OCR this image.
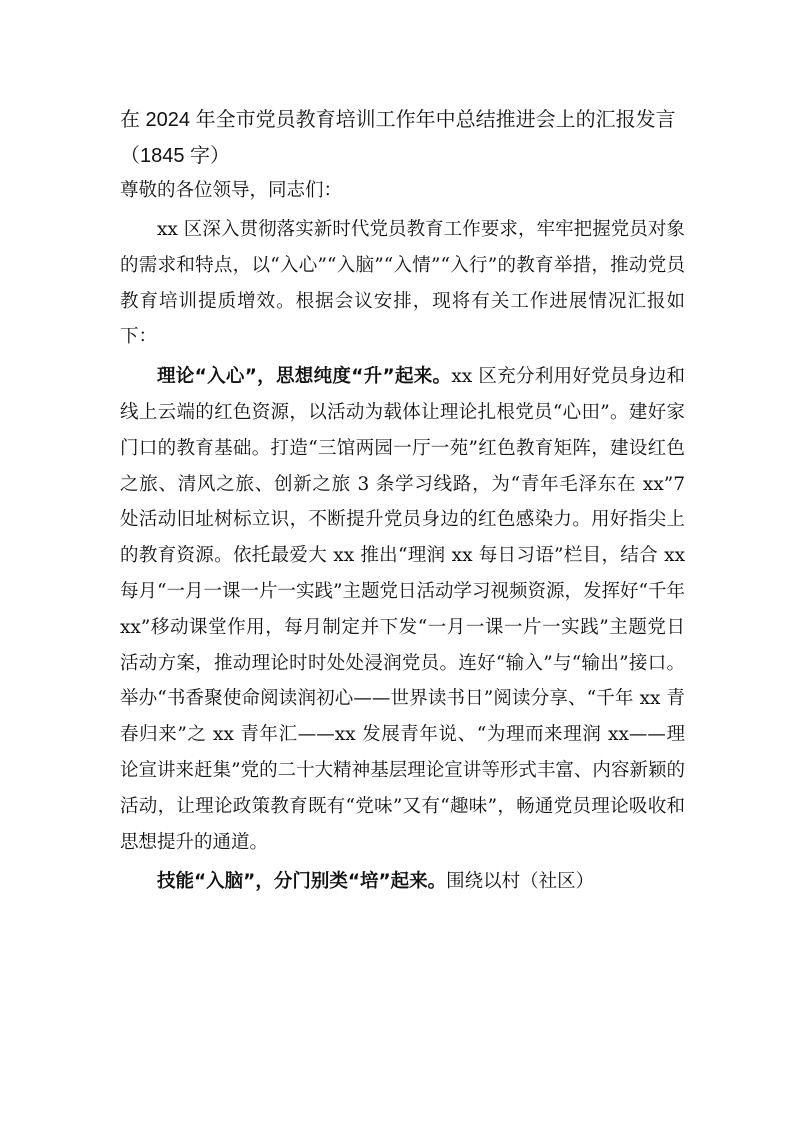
在 2024 年全市党员教育培训工作年中总结推进会上的汇报发言（1845 字）

尊敬的各位领导，同志们：

xx 区深入贯彻落实新时代党员教育工作要求，牢牢把握党员对象的需求和特点，以“入心”“入脑”“入情”“入行”的教育举措，推动党员教育培训提质增效。根据会议安排，现将有关工作进展情况汇报如下：

理论“入心”，思想纯度“升”起来。xx 区充分利用好党员身边和线上云端的红色资源，以活动为载体让理论扎根党员“心田”。建好家门口的教育基础。打造“三馆两园一厅一苑”红色教育矩阵，建设红色之旅、清风之旅、创新之旅 3 条学习线路，为“青年毛泽东在 xx”7 处活动旧址树标立识，不断提升党员身边的红色感染力。用好指尖上的教育资源。依托最爱大 xx 推出“理润 xx 每日习语”栏目，结合 xx 每月“一月一课一片一实践”主题党日活动学习视频资源，发挥好“千年 xx”移动课堂作用，每月制定并下发“一月一课一片一实践”主题党日活动方案，推动理论时时处处浸润党员。连好“输入”与“输出”接口。举办“书香聚使命阅读润初心——世界读书日”阅读分享、“千年 xx 青春归来”之 xx 青年汇——xx 发展青年说、“为理而来理润 xx——理论宣讲来赶集”党的二十大精神基层理论宣讲等形式丰富、内容新颖的活动，让理论政策教育既有“党味”又有“趣味”，畅通党员理论吸收和思想提升的通道。

技能“入脑”，分门别类“培”起来。围绕以村（社区）
